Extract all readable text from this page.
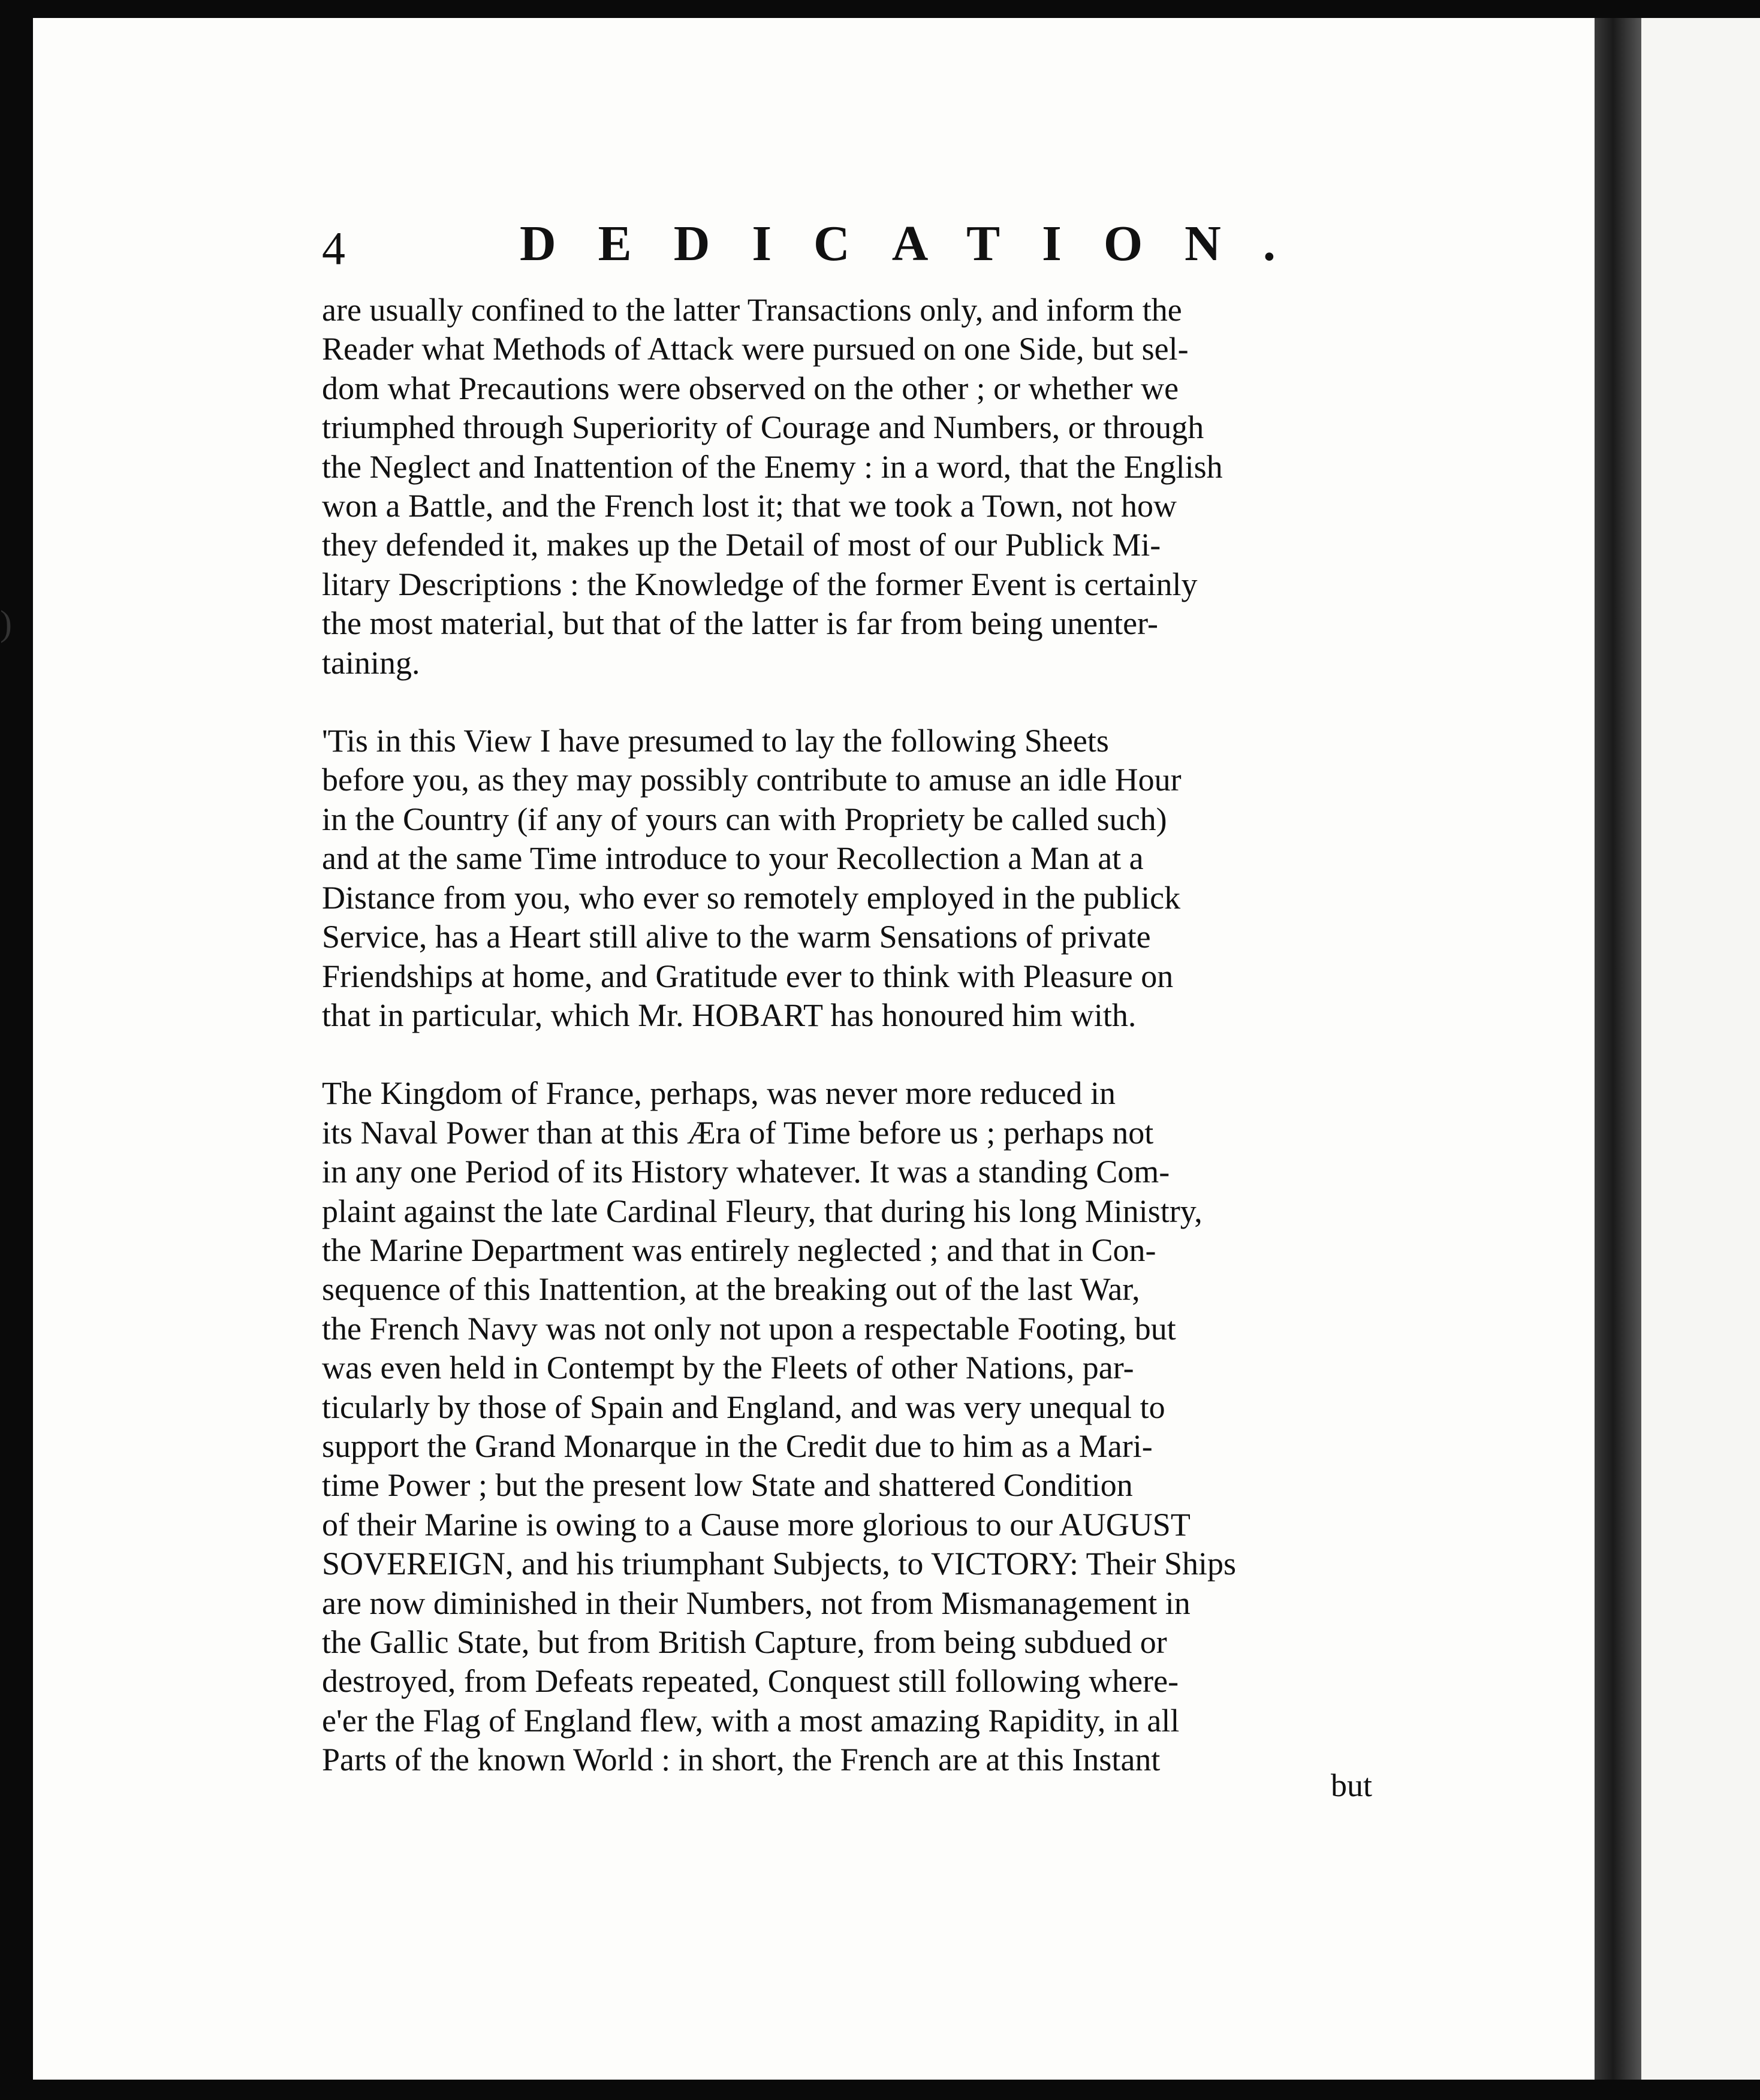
)
4	DEDICATION.
are usually confined to the latter Transactions only, and inform the
Reader what Methods of Attack were pursued on one Side, but sel-
dom what Precautions were observed on the other ; or whether we
triumphed through Superiority of Courage and Numbers, or through
the Neglect and Inattention of the Enemy : in a word, that the English
won a Battle, and the French lost it; that we took a Town, not how
they defended it, makes up the Detail of most of our Publick Mi-
litary Descriptions : the Knowledge of the former Event is certainly
the most material, but that of the latter is far from being unenter-
taining.
'Tis in this View I have presumed to lay the following Sheets
before you, as they may possibly contribute to amuse an idle Hour
in the Country (if any of yours can with Propriety be called such)
and at the same Time introduce to your Recollection a Man at a
Distance from you, who ever so remotely employed in the publick
Service, has a Heart still alive to the warm Sensations of private
Friendships at home, and Gratitude ever to think with Pleasure on
that in particular, which Mr. HOBART has honoured him with.
The Kingdom of France, perhaps, was never more reduced in
its Naval Power than at this Æra of Time before us ; perhaps not
in any one Period of its History whatever. It was a standing Com-
plaint against the late Cardinal Fleury, that during his long Ministry,
the Marine Department was entirely neglected ; and that in Con-
sequence of this Inattention, at the breaking out of the last War,
the French Navy was not only not upon a respectable Footing, but
was even held in Contempt by the Fleets of other Nations, par-
ticularly by those of Spain and England, and was very unequal to
support the Grand Monarque in the Credit due to him as a Mari-
time Power ; but the present low State and shattered Condition
of their Marine is owing to a Cause more glorious to our AUGUST
SOVEREIGN, and his triumphant Subjects, to VICTORY: Their Ships
are now diminished in their Numbers, not from Mismanagement in
the Gallic State, but from British Capture, from being subdued or
destroyed, from Defeats repeated, Conquest still following where-
e'er the Flag of England flew, with a most amazing Rapidity, in all
Parts of the known World : in short, the French are at this Instant
but
